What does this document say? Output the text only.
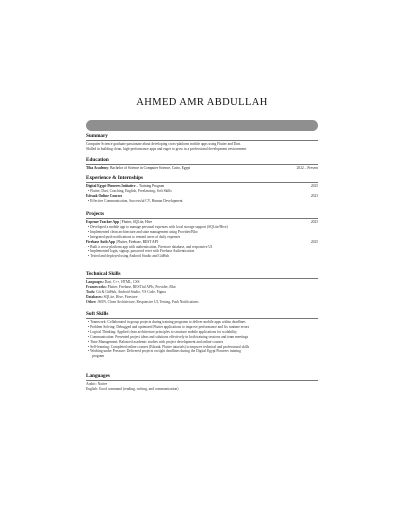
AHMED AMR ABDULLAH
Summary
Computer Science graduate passionate about developing cross-platform mobile apps using Flutter and Dart.
Skilled in building clean, high-performance apps and eager to grow in a professional development environment.
Education
Tiba Academy: Bachelor of Science in Computer Science, Cairo, Egypt	2022 – Present
Experience & Internships
Digital Egypt Pioneers Initiative – Training Program	2025
• Flutter, Dart, Coaching, English, Freelancing, Soft Skills
Edraak Online Courses	2023
• Effective Communication, Successful CV, Human Development
Projects
Expense Tracker App | Flutter, SQLite, Hive	2025
• Developed a mobile app to manage personal expenses with local storage support (SQLite/Hive)
• Implemented clean architecture and state management using Provider/Bloc
• Integrated push notifications to remind users of daily expenses
Firebase Auth App | Flutter, Firebase, REST API	2025
• Built a cross-platform app with authentication, Firestore database, and responsive UI
• Implemented login, signup, password reset with Firebase Authentication
• Tested and deployed using Android Studio and GitHub
Technical Skills
Languages: Dart, C++, HTML, CSS
Frameworks: Flutter, Firebase, RESTful APIs, Provider, Bloc
Tools: Git & GitHub, Android Studio, VS Code, Figma
Databases: SQLite, Hive, Firestore
Other: JSON, Clean Architecture, Responsive UI, Testing, Push Notifications
Soft Skills
• Teamwork: Collaborated in group projects during training programs to deliver mobile apps within deadlines
• Problem Solving: Debugged and optimized Flutter applications to improve performance and fix runtime errors
• Logical Thinking: Applied clean architecture principles to structure mobile applications for scalability
• Communication: Presented project ideas and solutions effectively in both training sessions and team meetings
• Time Management: Balanced academic studies with project development and online courses
• Self-learning: Completed online courses (Edraak, Flutter tutorials) to improve technical and professional skills
• Working under Pressure: Delivered projects on tight deadlines during the Digital Egypt Pioneers training
program
Languages
Arabic: Native
English: Good command (reading, writing, and communication)
